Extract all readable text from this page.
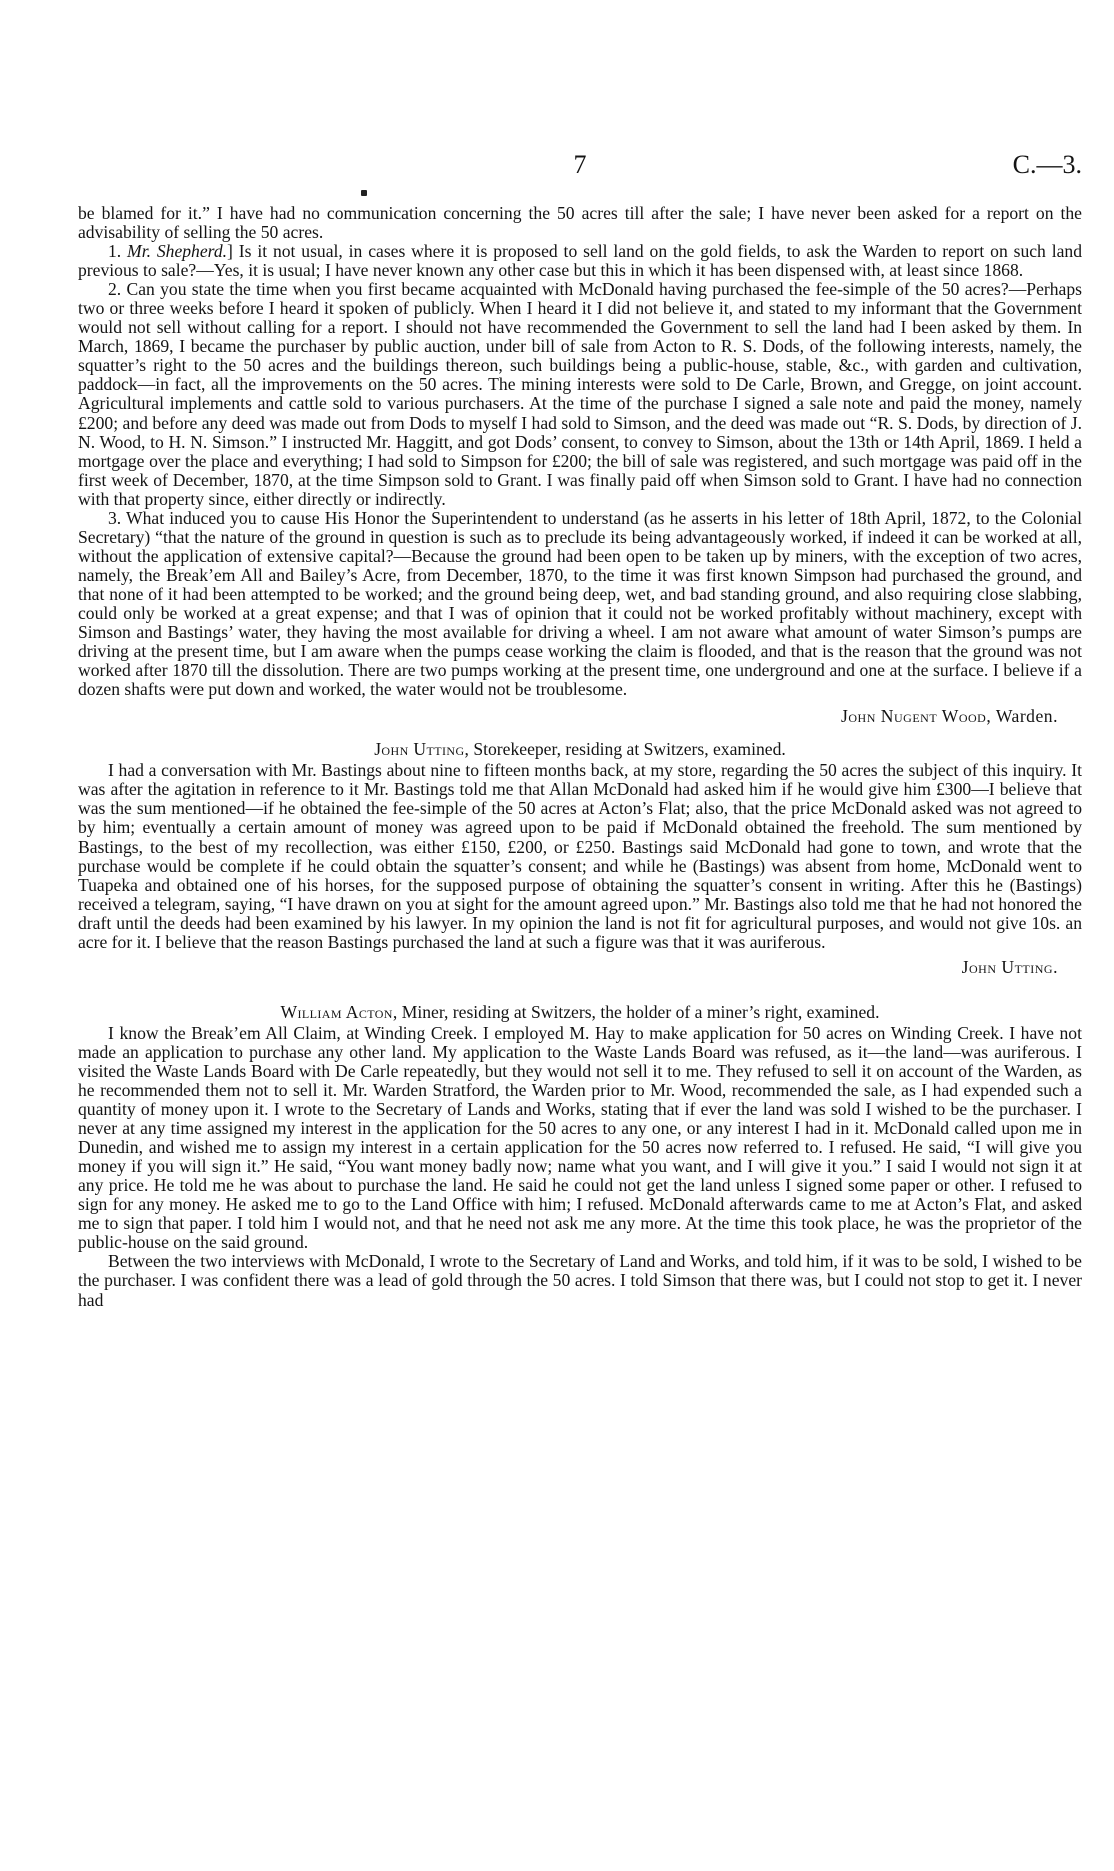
7	C.—3.

be blamed for it.” I have had no communication concerning the 50 acres till after the sale; I have never been asked for a report on the advisability of selling the 50 acres.

1. Mr. Shepherd.] Is it not usual, in cases where it is proposed to sell land on the gold fields, to ask the Warden to report on such land previous to sale?—Yes, it is usual; I have never known any other case but this in which it has been dispensed with, at least since 1868.

2. Can you state the time when you first became acquainted with McDonald having purchased the fee-simple of the 50 acres?—Perhaps two or three weeks before I heard it spoken of publicly. When I heard it I did not believe it, and stated to my informant that the Government would not sell without calling for a report. I should not have recommended the Government to sell the land had I been asked by them. In March, 1869, I became the purchaser by public auction, under bill of sale from Acton to R. S. Dods, of the following interests, namely, the squatter’s right to the 50 acres and the buildings thereon, such buildings being a public-house, stable, &c., with garden and cultivation, paddock—in fact, all the improvements on the 50 acres. The mining interests were sold to De Carle, Brown, and Gregge, on joint account. Agricultural implements and cattle sold to various purchasers. At the time of the purchase I signed a sale note and paid the money, namely £200; and before any deed was made out from Dods to myself I had sold to Simson, and the deed was made out “R. S. Dods, by direction of J. N. Wood, to H. N. Simson.” I instructed Mr. Haggitt, and got Dods’ consent, to convey to Simson, about the 13th or 14th April, 1869. I held a mortgage over the place and everything; I had sold to Simpson for £200; the bill of sale was registered, and such mortgage was paid off in the first week of December, 1870, at the time Simpson sold to Grant. I was finally paid off when Simson sold to Grant. I have had no connection with that property since, either directly or indirectly.

3. What induced you to cause His Honor the Superintendent to understand (as he asserts in his letter of 18th April, 1872, to the Colonial Secretary) “that the nature of the ground in question is such as to preclude its being advantageously worked, if indeed it can be worked at all, without the application of extensive capital?—Because the ground had been open to be taken up by miners, with the exception of two acres, namely, the Break’em All and Bailey’s Acre, from December, 1870, to the time it was first known Simpson had purchased the ground, and that none of it had been attempted to be worked; and the ground being deep, wet, and bad standing ground, and also requiring close slabbing, could only be worked at a great expense; and that I was of opinion that it could not be worked profitably without machinery, except with Simson and Bastings’ water, they having the most available for driving a wheel. I am not aware what amount of water Simson’s pumps are driving at the present time, but I am aware when the pumps cease working the claim is flooded, and that is the reason that the ground was not worked after 1870 till the dissolution. There are two pumps working at the present time, one underground and one at the surface. I believe if a dozen shafts were put down and worked, the water would not be troublesome.

John Nugent Wood, Warden.

John Utting, Storekeeper, residing at Switzers, examined.

I had a conversation with Mr. Bastings about nine to fifteen months back, at my store, regarding the 50 acres the subject of this inquiry. It was after the agitation in reference to it Mr. Bastings told me that Allan McDonald had asked him if he would give him £300—I believe that was the sum mentioned—if he obtained the fee-simple of the 50 acres at Acton’s Flat; also, that the price McDonald asked was not agreed to by him; eventually a certain amount of money was agreed upon to be paid if McDonald obtained the freehold. The sum mentioned by Bastings, to the best of my recollection, was either £150, £200, or £250. Bastings said McDonald had gone to town, and wrote that the purchase would be complete if he could obtain the squatter’s consent; and while he (Bastings) was absent from home, McDonald went to Tuapeka and obtained one of his horses, for the supposed purpose of obtaining the squatter’s consent in writing. After this he (Bastings) received a telegram, saying, “I have drawn on you at sight for the amount agreed upon.” Mr. Bastings also told me that he had not honored the draft until the deeds had been examined by his lawyer. In my opinion the land is not fit for agricultural purposes, and would not give 10s. an acre for it. I believe that the reason Bastings purchased the land at such a figure was that it was auriferous.

John Utting.

William Acton, Miner, residing at Switzers, the holder of a miner’s right, examined.

I know the Break’em All Claim, at Winding Creek. I employed M. Hay to make application for 50 acres on Winding Creek. I have not made an application to purchase any other land. My application to the Waste Lands Board was refused, as it—the land—was auriferous. I visited the Waste Lands Board with De Carle repeatedly, but they would not sell it to me. They refused to sell it on account of the Warden, as he recommended them not to sell it. Mr. Warden Stratford, the Warden prior to Mr. Wood, recommended the sale, as I had expended such a quantity of money upon it. I wrote to the Secretary of Lands and Works, stating that if ever the land was sold I wished to be the purchaser. I never at any time assigned my interest in the application for the 50 acres to any one, or any interest I had in it. McDonald called upon me in Dunedin, and wished me to assign my interest in a certain application for the 50 acres now referred to. I refused. He said, “I will give you money if you will sign it.” He said, “You want money badly now; name what you want, and I will give it you.” I said I would not sign it at any price. He told me he was about to purchase the land. He said he could not get the land unless I signed some paper or other. I refused to sign for any money. He asked me to go to the Land Office with him; I refused. McDonald afterwards came to me at Acton’s Flat, and asked me to sign that paper. I told him I would not, and that he need not ask me any more. At the time this took place, he was the proprietor of the public-house on the said ground.

Between the two interviews with McDonald, I wrote to the Secretary of Land and Works, and told him, if it was to be sold, I wished to be the purchaser. I was confident there was a lead of gold through the 50 acres. I told Simson that there was, but I could not stop to get it. I never had
